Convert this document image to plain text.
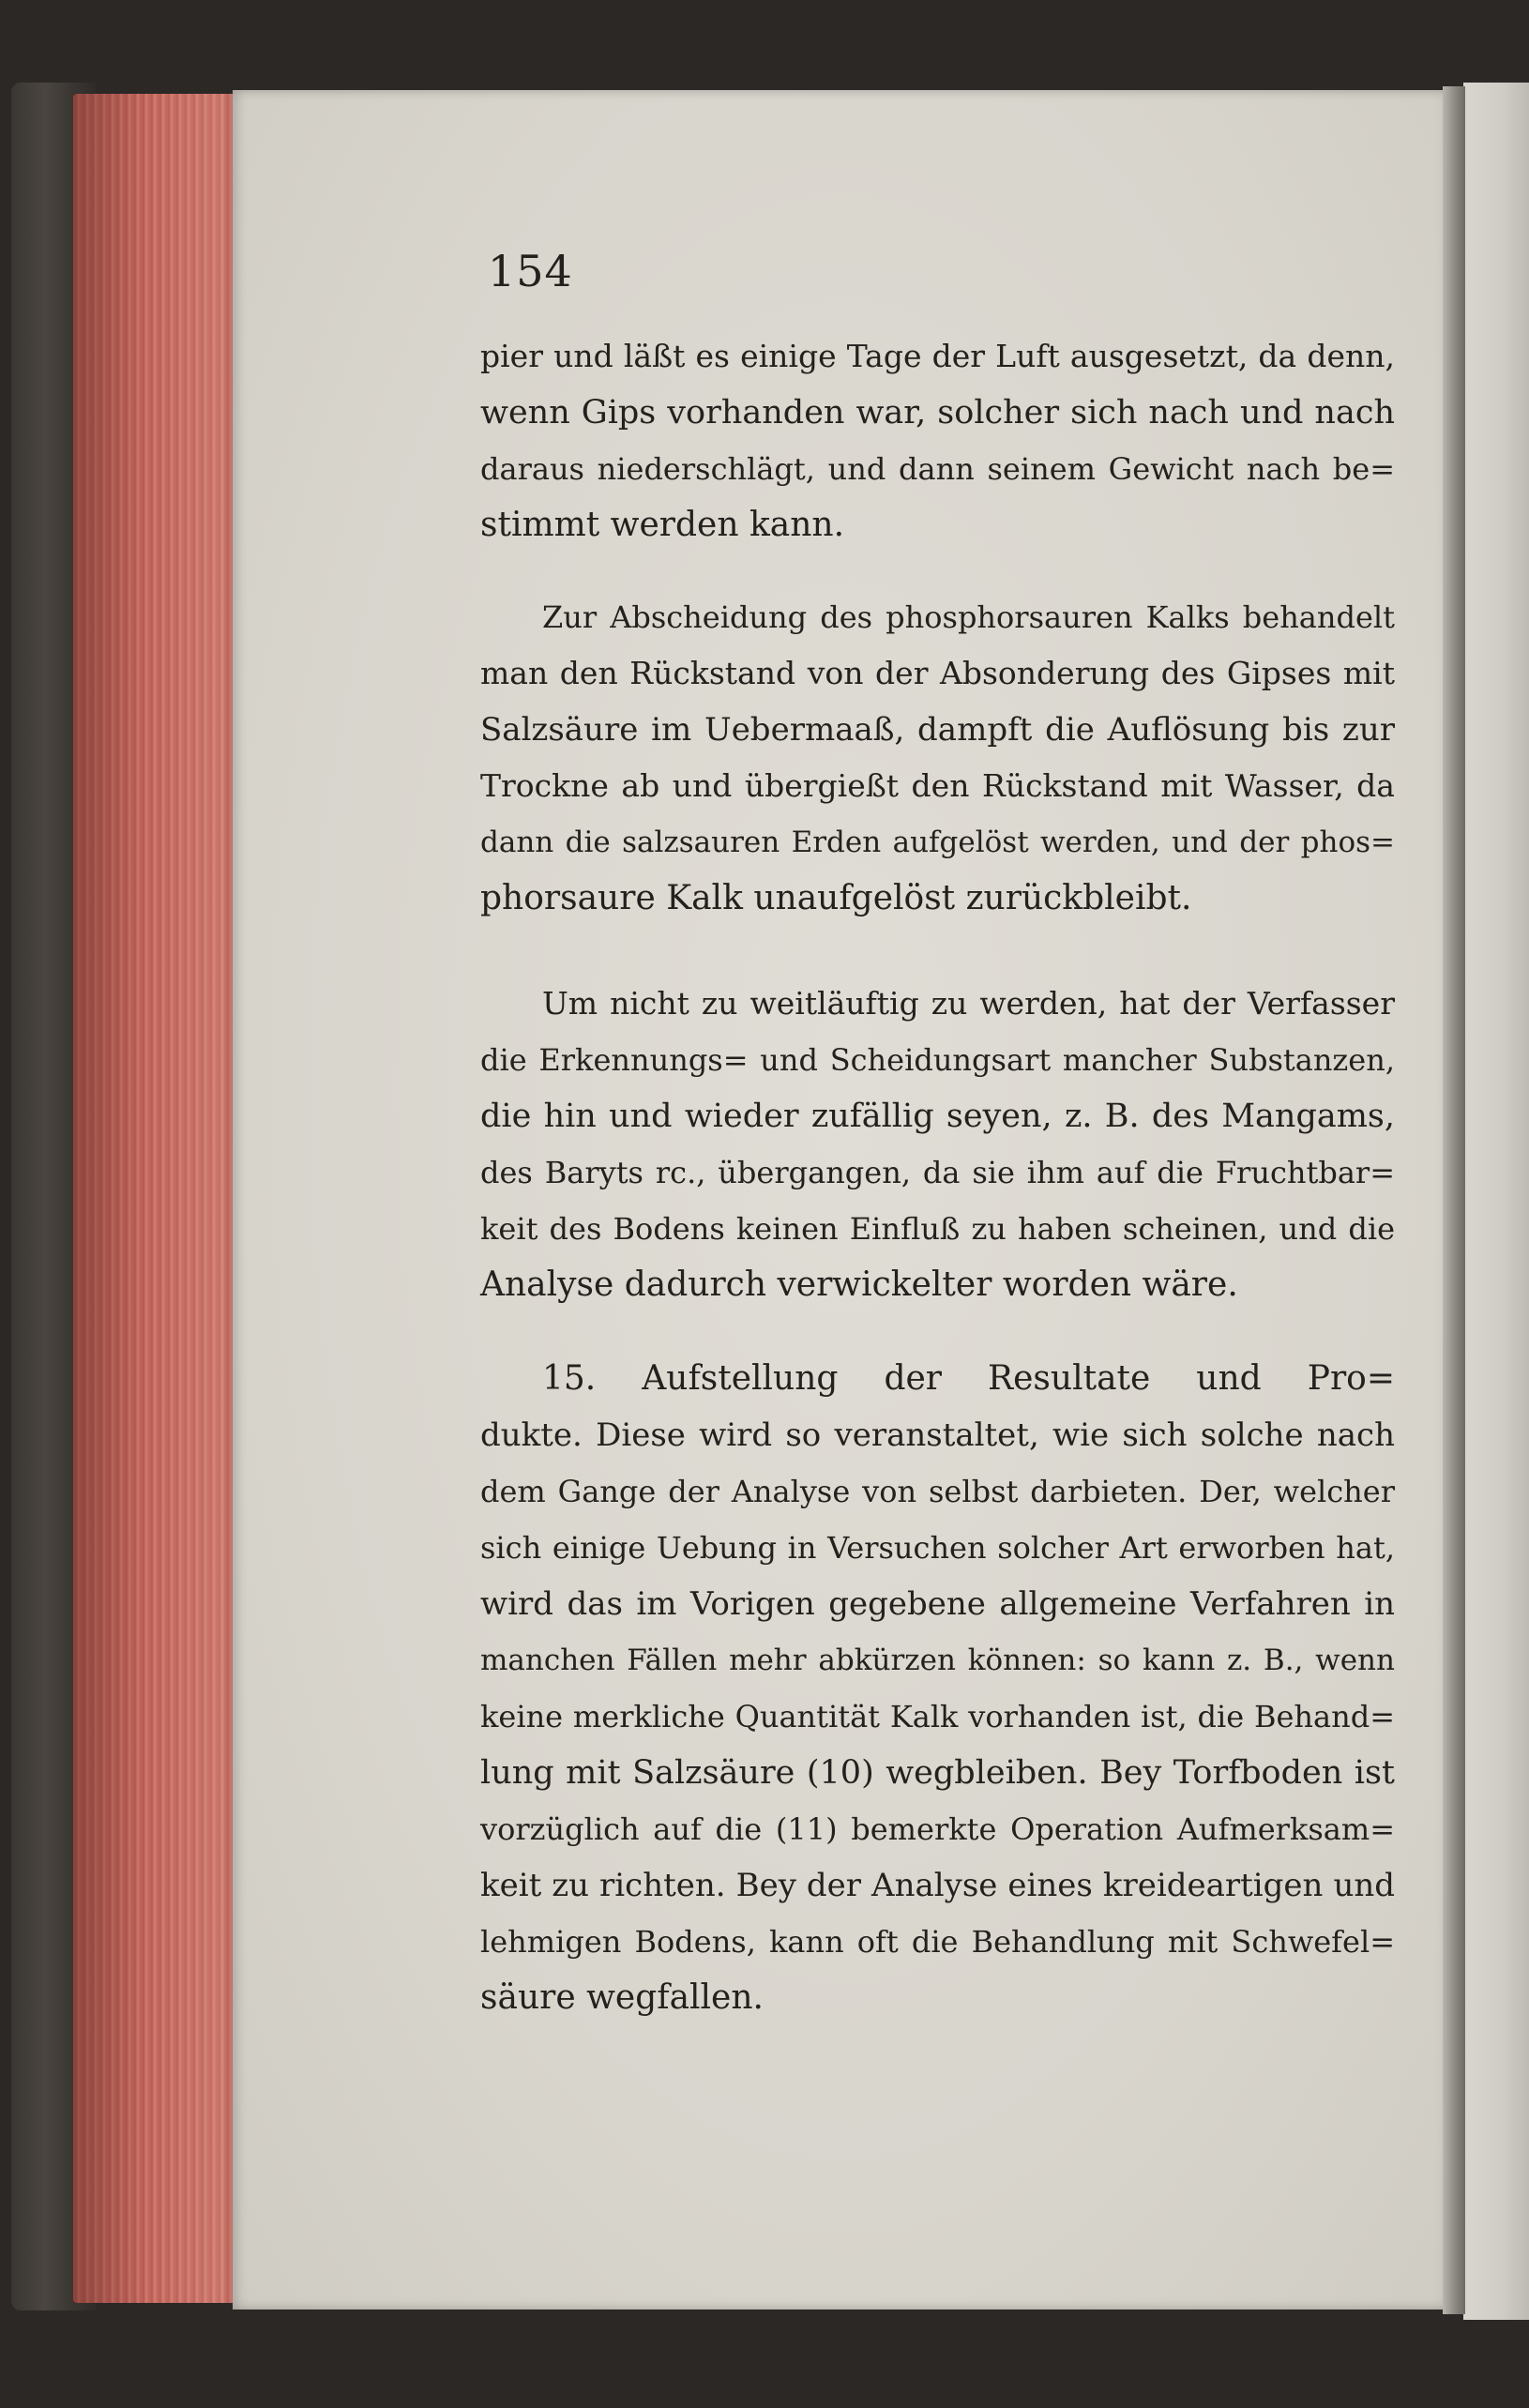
154
pier und läßt es einige Tage der Luft ausgesetzt, da denn,
wenn Gips vorhanden war, solcher sich nach und nach
daraus niederschlägt, und dann seinem Gewicht nach be=
stimmt werden kann.
Zur Abscheidung des phosphorsauren Kalks behandelt
man den Rückstand von der Absonderung des Gipses mit
Salzsäure im Uebermaaß, dampft die Auflösung bis zur
Trockne ab und übergießt den Rückstand mit Wasser, da
dann die salzsauren Erden aufgelöst werden, und der phos=
phorsaure Kalk unaufgelöst zurückbleibt.
Um nicht zu weitläuftig zu werden, hat der Verfasser
die Erkennungs= und Scheidungsart mancher Substanzen,
die hin und wieder zufällig seyen, z. B. des Mangams,
des Baryts rc., übergangen, da sie ihm auf die Fruchtbar=
keit des Bodens keinen Einfluß zu haben scheinen, und die
Analyse dadurch verwickelter worden wäre.
15. Aufstellung der Resultate und Pro=
dukte. Diese wird so veranstaltet, wie sich solche nach
dem Gange der Analyse von selbst darbieten. Der, welcher
sich einige Uebung in Versuchen solcher Art erworben hat,
wird das im Vorigen gegebene allgemeine Verfahren in
manchen Fällen mehr abkürzen können: so kann z. B., wenn
keine merkliche Quantität Kalk vorhanden ist, die Behand=
lung mit Salzsäure (10) wegbleiben. Bey Torfboden ist
vorzüglich auf die (11) bemerkte Operation Aufmerksam=
keit zu richten. Bey der Analyse eines kreideartigen und
lehmigen Bodens, kann oft die Behandlung mit Schwefel=
säure wegfallen.
